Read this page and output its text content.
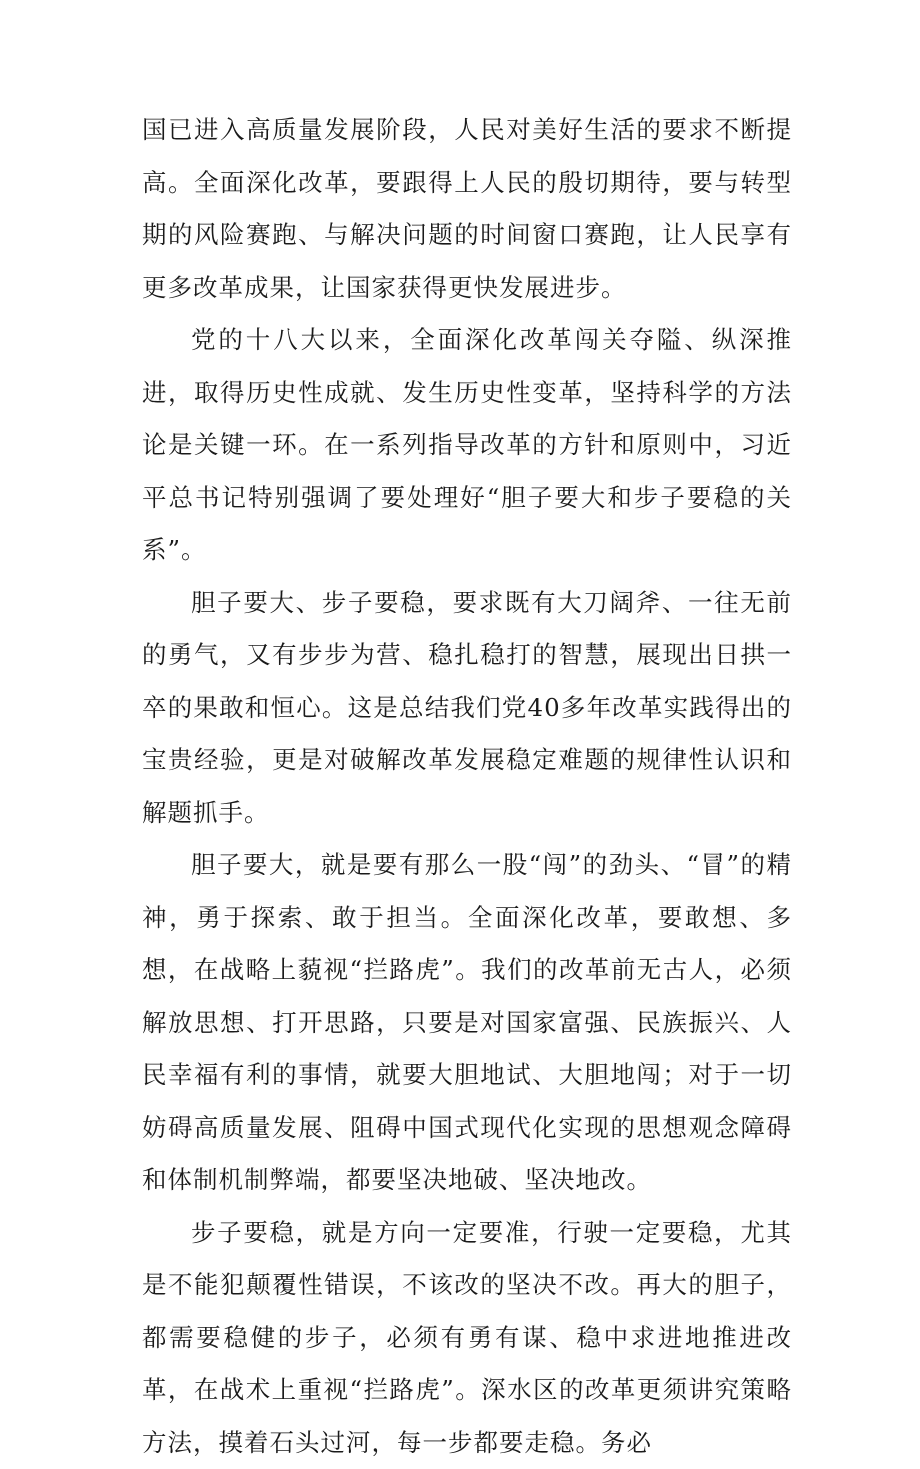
国已进入高质量发展阶段，人民对美好生活的要求不断提高。全面深化改革，要跟得上人民的殷切期待，要与转型期的风险赛跑、与解决问题的时间窗口赛跑，让人民享有更多改革成果，让国家获得更快发展进步。

党的十八大以来，全面深化改革闯关夺隘、纵深推进，取得历史性成就、发生历史性变革，坚持科学的方法论是关键一环。在一系列指导改革的方针和原则中，习近平总书记特别强调了要处理好“胆子要大和步子要稳的关系”。

胆子要大、步子要稳，要求既有大刀阔斧、一往无前的勇气，又有步步为营、稳扎稳打的智慧，展现出日拱一卒的果敢和恒心。这是总结我们党40多年改革实践得出的宝贵经验，更是对破解改革发展稳定难题的规律性认识和解题抓手。

胆子要大，就是要有那么一股“闯”的劲头、“冒”的精神，勇于探索、敢于担当。全面深化改革，要敢想、多想，在战略上藐视“拦路虎”。我们的改革前无古人，必须解放思想、打开思路，只要是对国家富强、民族振兴、人民幸福有利的事情，就要大胆地试、大胆地闯；对于一切妨碍高质量发展、阻碍中国式现代化实现的思想观念障碍和体制机制弊端，都要坚决地破、坚决地改。

步子要稳，就是方向一定要准，行驶一定要稳，尤其是不能犯颠覆性错误，不该改的坚决不改。再大的胆子，都需要稳健的步子，必须有勇有谋、稳中求进地推进改革，在战术上重视“拦路虎”。深水区的改革更须讲究策略方法，摸着石头过河，每一步都要走稳。务必
